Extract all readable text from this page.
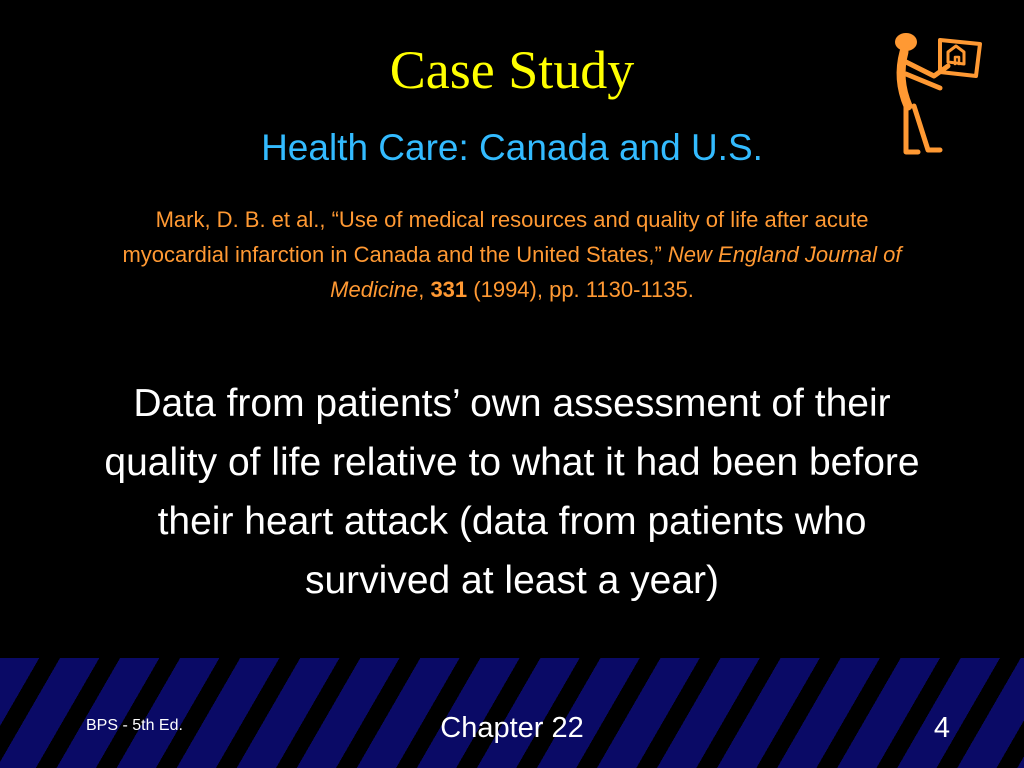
Case Study
Health Care: Canada and U.S.
Mark, D. B. et al., “Use of medical resources and quality of life after acute myocardial infarction in Canada and the United States,” New England Journal of Medicine, 331 (1994), pp. 1130-1135.
Data from patients’ own assessment of their quality of life relative to what it had been before their heart attack (data from patients who survived at least a year)
BPS - 5th Ed.	Chapter 22	4
